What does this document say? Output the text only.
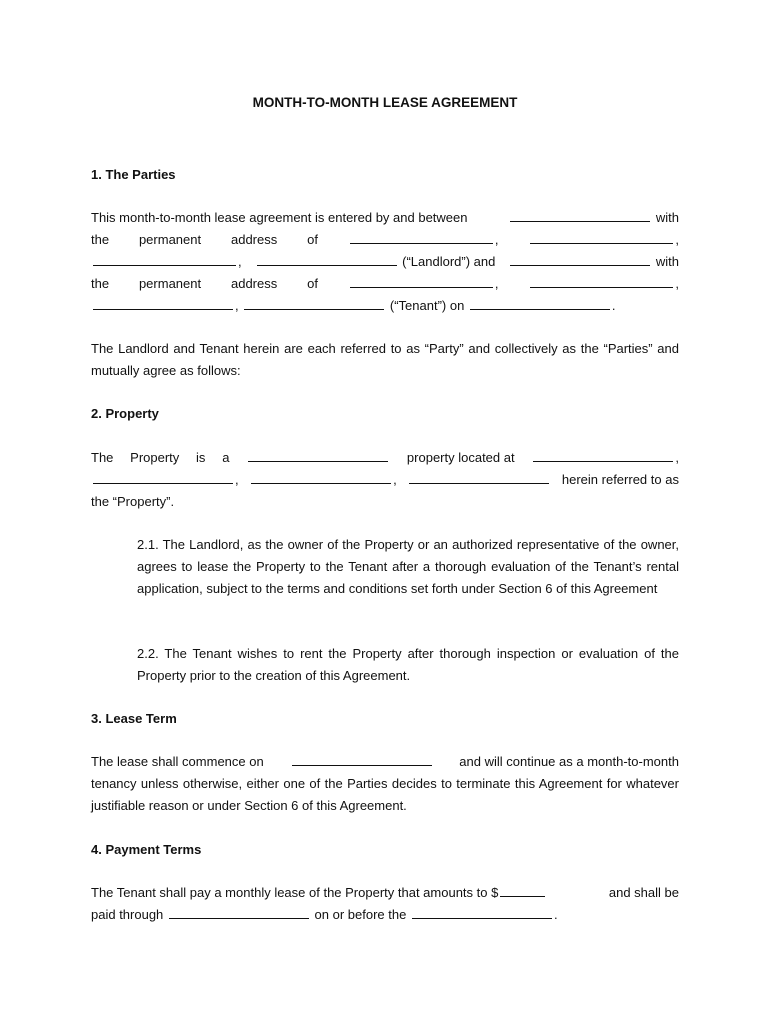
MONTH-TO-MONTH LEASE AGREEMENT
1. The Parties
This month-to-month lease agreement is entered by and between	with
the permanent address of	,	,
,	(“Landlord”) and	with
the permanent address of	,	,
,	(“Tenant”) on	.

The Landlord and Tenant herein are each referred to as “Party” and collectively as the “Parties” and mutually agree as follows:

2. Property
The Property is a	property located at	,
,	,	herein referred to as
the “Property”.

2.1. The Landlord, as the owner of the Property or an authorized representative of the owner, agrees to lease the Property to the Tenant after a thorough evaluation of the Tenant’s rental application, subject to the terms and conditions set forth under Section 6 of this Agreement

2.2. The Tenant wishes to rent the Property after thorough inspection or evaluation of the Property prior to the creation of this Agreement.

3. Lease Term
The lease shall commence on	and will continue as a month-to-month
tenancy unless otherwise, either one of the Parties decides to terminate this Agreement for whatever justifiable reason or under Section 6 of this Agreement.
4. Payment Terms
The Tenant shall pay a monthly lease of the Property that amounts to $	and shall be
paid through	on or before the	.
